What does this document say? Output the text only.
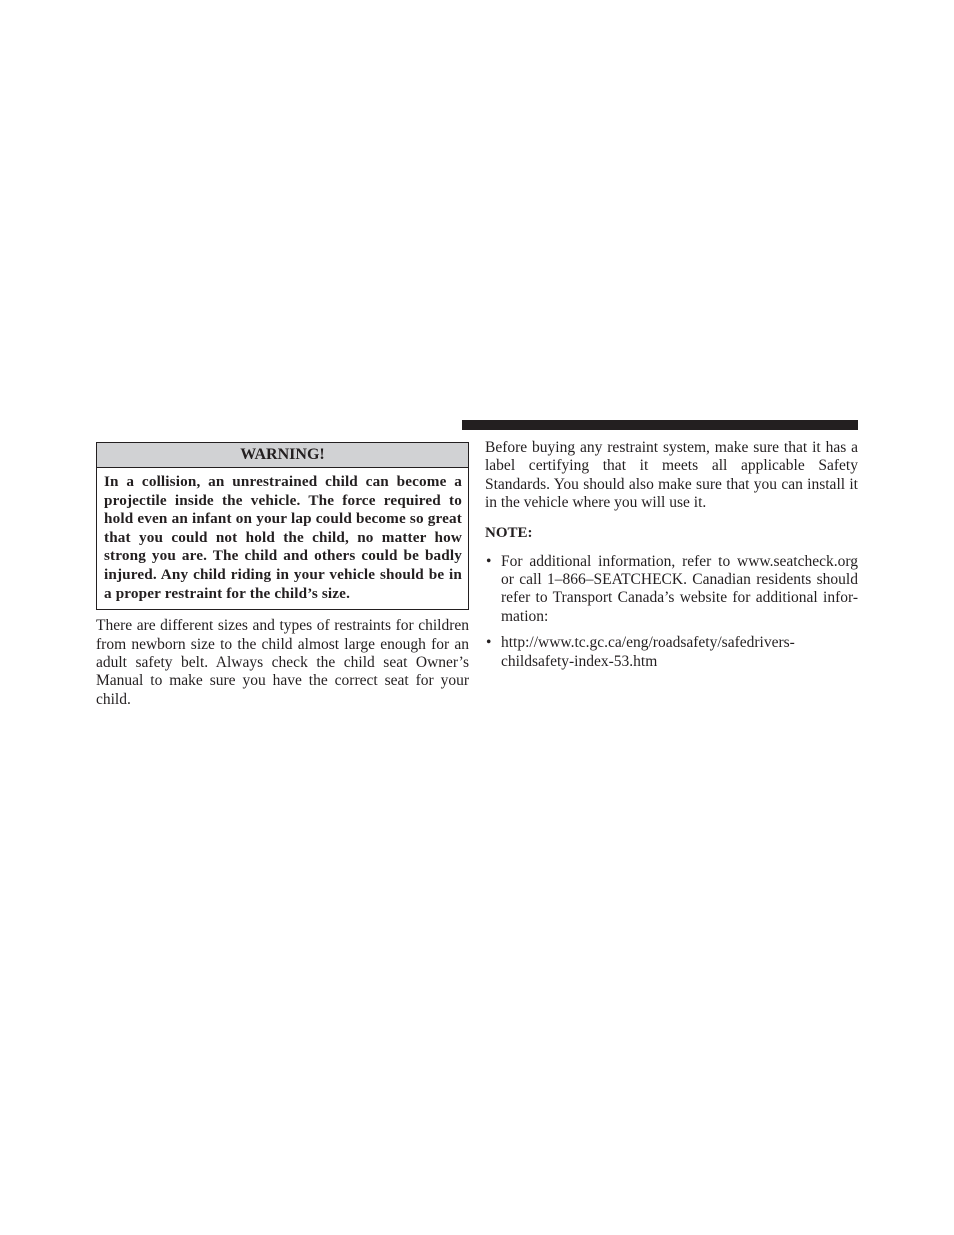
WARNING!
In a collision, an unrestrained child can become a projectile inside the vehicle. The force required to hold even an infant on your lap could become so great that you could not hold the child, no matter how strong you are. The child and others could be badly injured. Any child riding in your vehicle should be in a proper restraint for the child’s size.

There are different sizes and types of restraints for children from newborn size to the child almost large enough for an adult safety belt. Always check the child seat Owner’s Manual to make sure you have the correct seat for your child.

Before buying any restraint system, make sure that it has a label certifying that it meets all applicable Safety Standards. You should also make sure that you can install it in the vehicle where you will use it.

NOTE:
• For additional information, refer to www.seatcheck.org or call 1–866–SEATCHECK. Canadian residents should refer to Transport Canada’s website for additional infor-mation:
• http://www.tc.gc.ca/eng/roadsafety/safedrivers-childsafety-index-53.htm
